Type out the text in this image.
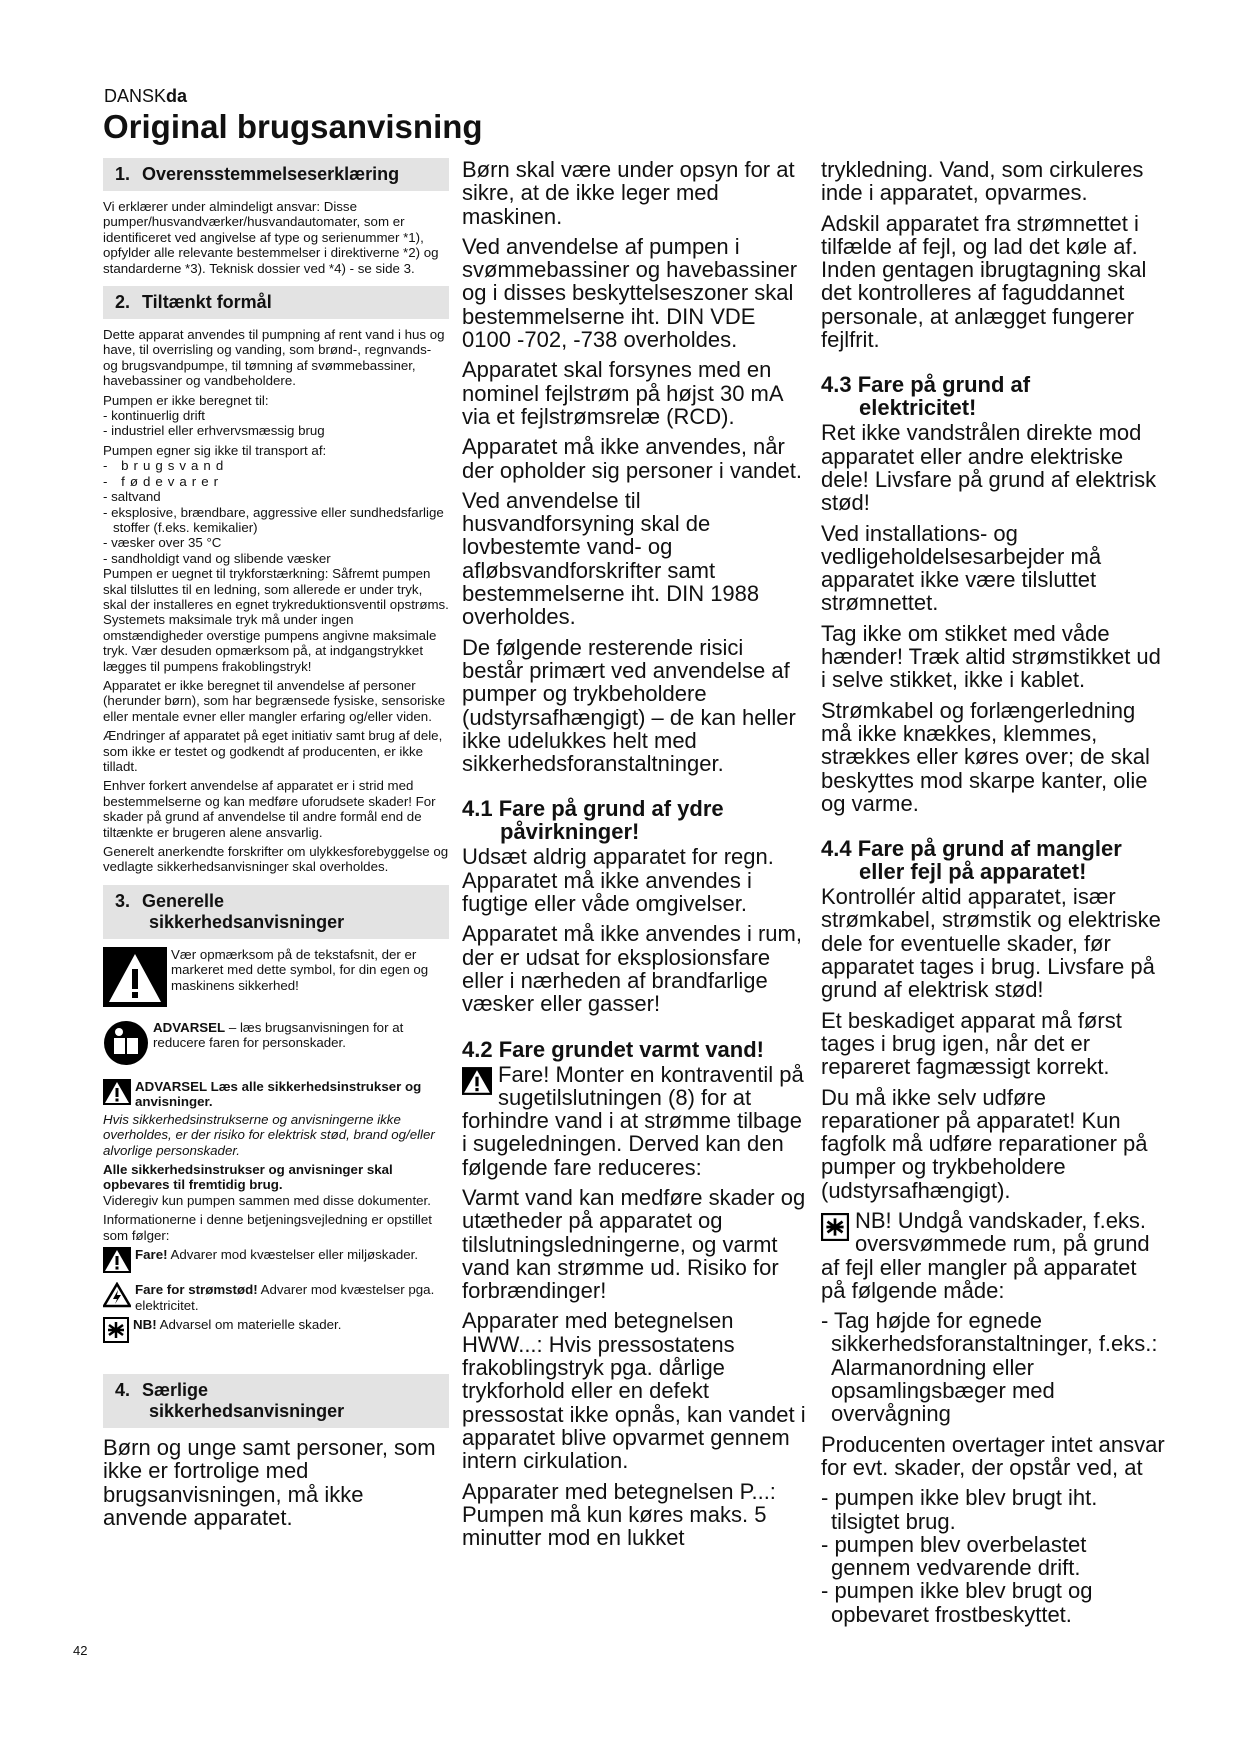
DANSKda
Original brugsanvisning
1. Overensstemmelseserklæring

Vi erklærer under almindeligt ansvar: Disse pumper/husvandværker/husvandautomater, som er identificeret ved angivelse af type og serienummer *1), opfylder alle relevante bestemmelser i direktiverne *2) og standarderne *3). Teknisk dossier ved *4) - se side 3.

2. Tiltænkt formål

Dette apparat anvendes til pumpning af rent vand i hus og have, til overrisling og vanding, som brønd-, regnvands- og brugsvandpumpe, til tømning af svømmebassiner, havebassiner og vandbeholdere.

Pumpen er ikke beregnet til:
- kontinuerlig drift
- industriel eller erhvervsmæssig brug
Pumpen egner sig ikke til transport af:
- brugsvand
- fødevarer
- saltvand
- eksplosive, brændbare, aggressive eller sundhedsfarlige stoffer (f.eks. kemikalier)
- væsker over 35 °C
- sandholdigt vand og slibende væsker

Pumpen er uegnet til trykforstærkning: Såfremt pumpen skal tilsluttes til en ledning, som allerede er under tryk, skal der installeres en egnet trykreduktionsventil opstrøms. Systemets maksimale tryk må under ingen omstændigheder overstige pumpens angivne maksimale tryk. Vær desuden opmærksom på, at indgangstrykket lægges til pumpens frakoblingstryk!

Apparatet er ikke beregnet til anvendelse af personer (herunder børn), som har begrænsede fysiske, sensoriske eller mentale evner eller mangler erfaring og/eller viden.

Ændringer af apparatet på eget initiativ samt brug af dele, som ikke er testet og godkendt af producenten, er ikke tilladt.

Enhver forkert anvendelse af apparatet er i strid med bestemmelserne og kan medføre uforudsete skader! For skader på grund af anvendelse til andre formål end de tiltænkte er brugeren alene ansvarlig.

Generelt anerkendte forskrifter om ulykkesforebyggelse og vedlagte sikkerhedsanvisninger skal overholdes.

3. Generelle
sikkerhedsanvisninger
Vær opmærksom på de tekstafsnit, der er markeret med dette symbol, for din egen og maskinens sikkerhed!
ADVARSEL – læs brugsanvisningen for at reducere faren for personskader.
ADVARSEL Læs alle sikkerhedsinstrukser og anvisninger.
Hvis sikkerhedsinstrukserne og anvisningerne ikke overholdes, er der risiko for elektrisk stød, brand og/eller alvorlige personskader.
Alle sikkerhedsinstrukser og anvisninger skal opbevares til fremtidig brug.
Videregiv kun pumpen sammen med disse dokumenter.
Informationerne i denne betjeningsvejledning er opstillet som følger:
Fare! Advarer mod kvæstelser eller miljøskader.
Fare for strømstød! Advarer mod kvæstelser pga. elektricitet.
NB! Advarsel om materielle skader.
4. Særlige
sikkerhedsanvisninger

Børn og unge samt personer, som ikke er fortrolige med brugsanvisningen, må ikke anvende apparatet.

Børn skal være under opsyn for at sikre, at de ikke leger med maskinen.

Ved anvendelse af pumpen i svømmebassiner og havebassiner og i disses beskyttelseszoner skal bestemmelserne iht. DIN VDE 0100 -702, -738 overholdes.

Apparatet skal forsynes med en nominel fejlstrøm på højst 30 mA via et fejlstrømsrelæ (RCD).

Apparatet må ikke anvendes, når der opholder sig personer i vandet.

Ved anvendelse til husvandforsyning skal de lovbestemte vand- og afløbsvandforskrifter samt bestemmelserne iht. DIN 1988 overholdes.

De følgende resterende risici består primært ved anvendelse af pumper og trykbeholdere (udstyrsafhængigt) – de kan heller ikke udelukkes helt med sikkerhedsforanstaltninger.

4.1 Fare på grund af ydre
påvirkninger!

Udsæt aldrig apparatet for regn. Apparatet må ikke anvendes i fugtige eller våde omgivelser.

Apparatet må ikke anvendes i rum, der er udsat for eksplosionsfare eller i nærheden af brandfarlige væsker eller gasser!

4.2 Fare grundet varmt vand!

Fare! Monter en kontraventil på sugetilslutningen (8) for at forhindre vand i at strømme tilbage i sugeledningen. Derved kan den følgende fare reduceres:

Varmt vand kan medføre skader og utætheder på apparatet og tilslutningsledningerne, og varmt vand kan strømme ud. Risiko for forbrændinger!

Apparater med betegnelsen HWW...: Hvis pressostatens frakoblingstryk pga. dårlige trykforhold eller en defekt pressostat ikke opnås, kan vandet i apparatet blive opvarmet gennem intern cirkulation.

Apparater med betegnelsen P...: Pumpen må kun køres maks. 5 minutter mod en lukket

trykledning. Vand, som cirkuleres inde i apparatet, opvarmes.

Adskil apparatet fra strømnettet i tilfælde af fejl, og lad det køle af. Inden gentagen ibrugtagning skal det kontrolleres af faguddannet personale, at anlægget fungerer fejlfrit.

4.3 Fare på grund af
elektricitet!

Ret ikke vandstrålen direkte mod apparatet eller andre elektriske dele! Livsfare på grund af elektrisk stød!

Ved installations- og vedligeholdelsesarbejder må apparatet ikke være tilsluttet strømnettet.

Tag ikke om stikket med våde hænder! Træk altid strømstikket ud i selve stikket, ikke i kablet.

Strømkabel og forlængerledning må ikke knækkes, klemmes, strækkes eller køres over; de skal beskyttes mod skarpe kanter, olie og varme.

4.4 Fare på grund af mangler
eller fejl på apparatet!

Kontrollér altid apparatet, især strømkabel, strømstik og elektriske dele for eventuelle skader, før apparatet tages i brug. Livsfare på grund af elektrisk stød!

Et beskadiget apparat må først tages i brug igen, når det er repareret fagmæssigt korrekt.

Du må ikke selv udføre reparationer på apparatet! Kun fagfolk må udføre reparationer på pumper og trykbeholdere (udstyrsafhængigt).

NB! Undgå vandskader, f.eks. oversvømmede rum, på grund af fejl eller mangler på apparatet på følgende måde:

- Tag højde for egnede sikkerhedsforanstaltninger, f.eks.: Alarmanordning eller opsamlingsbæger med overvågning

Producenten overtager intet ansvar for evt. skader, der opstår ved, at

- pumpen ikke blev brugt iht. tilsigtet brug.

- pumpen blev overbelastet gennem vedvarende drift.

- pumpen ikke blev brugt og opbevaret frostbeskyttet.

42
